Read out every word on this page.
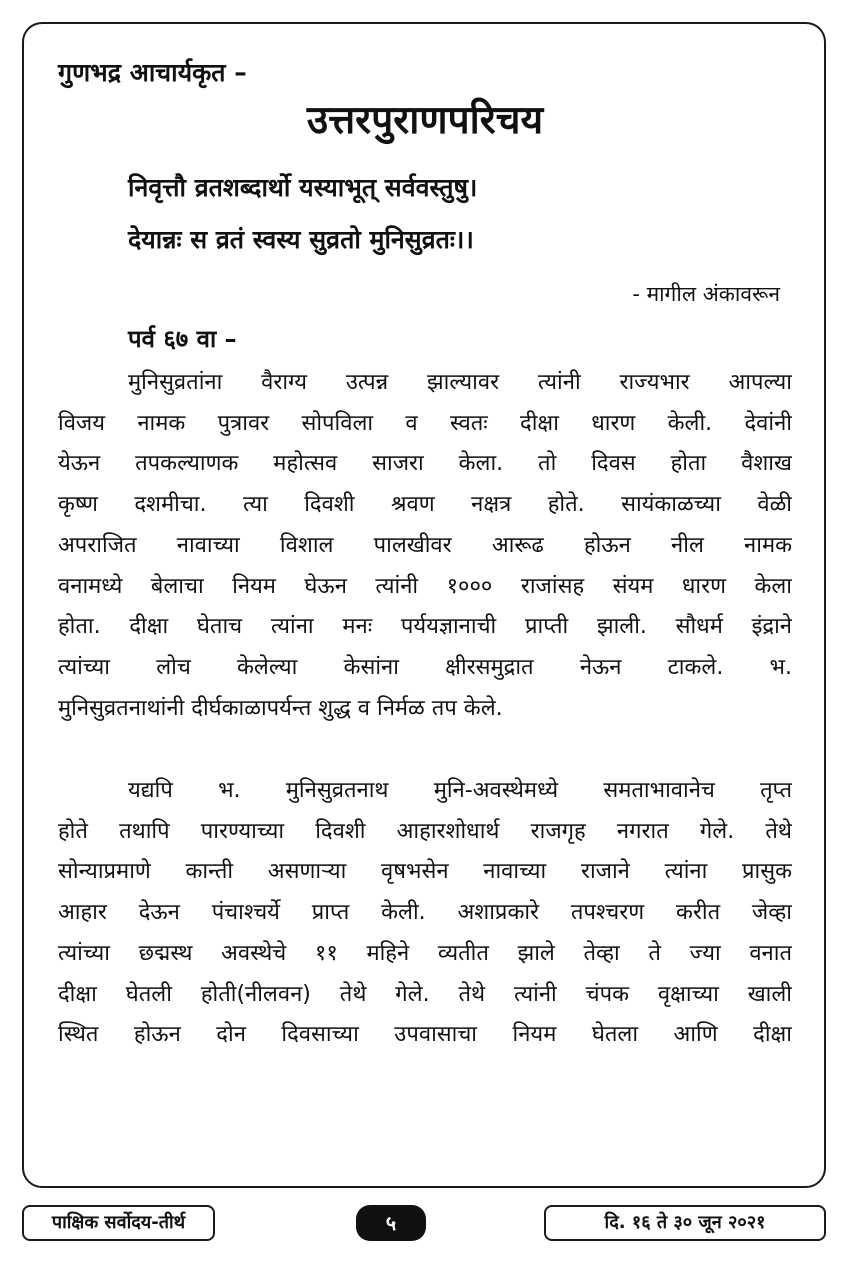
गुणभद्र आचार्यकृत –
उत्तरपुराणपरिचय
निवृत्तौ व्रतशब्दार्थो यस्याभूत् सर्ववस्तुषु।
देयान्नः स व्रतं स्वस्य सुव्रतो मुनिसुव्रतः।।
- मागील अंकावरून
पर्व ६७ वा –
मुनिसुव्रतांना वैराग्य उत्पन्न झाल्यावर त्यांनी राज्यभार आपल्या
विजय नामक पुत्रावर सोपविला व स्वतः दीक्षा धारण केली. देवांनी
येऊन तपकल्याणक महोत्सव साजरा केला. तो दिवस होता वैशाख
कृष्ण दशमीचा. त्या दिवशी श्रवण नक्षत्र होते. सायंकाळच्या वेळी
अपराजित नावाच्या विशाल पालखीवर आरूढ होऊन नील नामक
वनामध्ये बेलाचा नियम घेऊन त्यांनी १००० राजांसह संयम धारण केला
होता. दीक्षा घेताच त्यांना मनः पर्ययज्ञानाची प्राप्ती झाली. सौधर्म इंद्राने
त्यांच्या लोच केलेल्या केसांना क्षीरसमुद्रात नेऊन टाकले. भ.
मुनिसुव्रतनाथांनी दीर्घकाळापर्यन्त शुद्ध व निर्मळ तप केले.
यद्यपि भ. मुनिसुव्रतनाथ मुनि-अवस्थेमध्ये समताभावानेच तृप्त
होते तथापि पारण्याच्या दिवशी आहारशोधार्थ राजगृह नगरात गेले. तेथे
सोन्याप्रमाणे कान्ती असणाऱ्या वृषभसेन नावाच्या राजाने त्यांना प्रासुक
आहार देऊन पंचाश्चर्ये प्राप्त केली. अशाप्रकारे तपश्चरण करीत जेव्हा
त्यांच्या छद्मस्थ अवस्थेचे ११ महिने व्यतीत झाले तेव्हा ते ज्या वनात
दीक्षा घेतली होती(नीलवन) तेथे गेले. तेथे त्यांनी चंपक वृक्षाच्या खाली
स्थित होऊन दोन दिवसाच्या उपवासाचा नियम घेतला आणि दीक्षा
पाक्षिक सर्वोदय-तीर्थ	५	दि. १६ ते ३० जून २०२१
